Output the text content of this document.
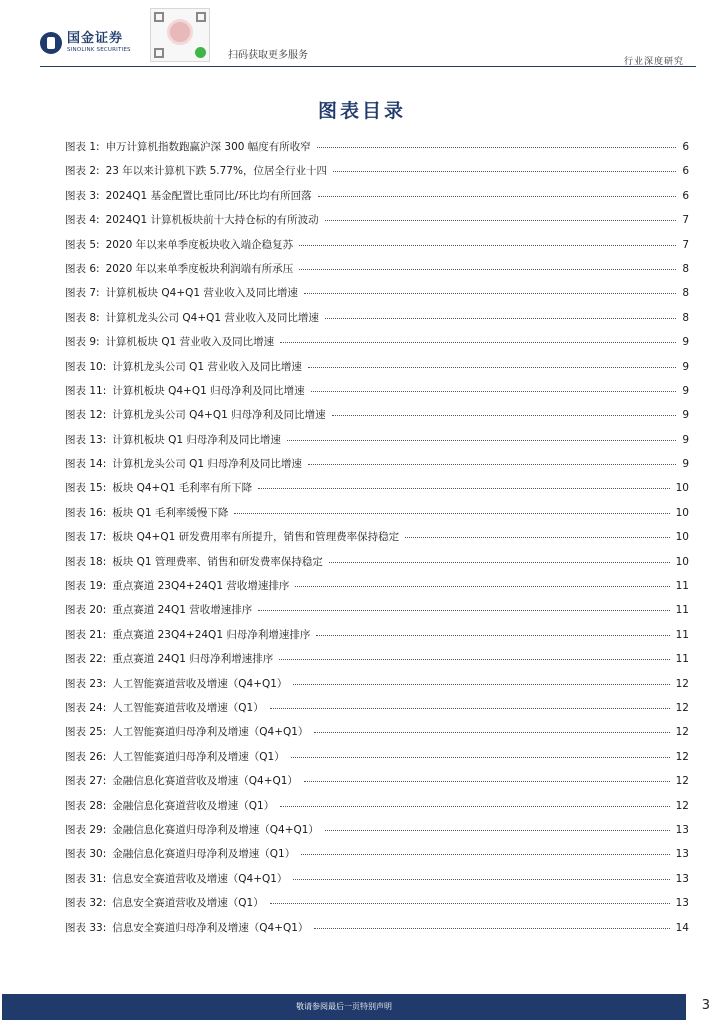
国金证券
SINOLINK SECURITIES	扫码获取更多服务
行业深度研究
图表目录
图表 1: 申万计算机指数跑赢沪深 300 幅度有所收窄	6
图表 2: 23 年以来计算机下跌 5.77%，位居全行业十四	6
图表 3: 2024Q1 基金配置比重同比/环比均有所回落	6
图表 4: 2024Q1 计算机板块前十大持仓标的有所波动	7
图表 5: 2020 年以来单季度板块收入端企稳复苏	7
图表 6: 2020 年以来单季度板块利润端有所承压	8
图表 7: 计算机板块 Q4+Q1 营业收入及同比增速	8
图表 8: 计算机龙头公司 Q4+Q1 营业收入及同比增速	8
图表 9: 计算机板块 Q1 营业收入及同比增速	9
图表 10: 计算机龙头公司 Q1 营业收入及同比增速	9
图表 11: 计算机板块 Q4+Q1 归母净利及同比增速	9
图表 12: 计算机龙头公司 Q4+Q1 归母净利及同比增速	9
图表 13: 计算机板块 Q1 归母净利及同比增速	9
图表 14: 计算机龙头公司 Q1 归母净利及同比增速	9
图表 15: 板块 Q4+Q1 毛利率有所下降	10
图表 16: 板块 Q1 毛利率缓慢下降	10
图表 17: 板块 Q4+Q1 研发费用率有所提升，销售和管理费率保持稳定	10
图表 18: 板块 Q1 管理费率、销售和研发费率保持稳定	10
图表 19: 重点赛道 23Q4+24Q1 营收增速排序	11
图表 20: 重点赛道 24Q1 营收增速排序	11
图表 21: 重点赛道 23Q4+24Q1 归母净利增速排序	11
图表 22: 重点赛道 24Q1 归母净利增速排序	11
图表 23: 人工智能赛道营收及增速（Q4+Q1）	12
图表 24: 人工智能赛道营收及增速（Q1）	12
图表 25: 人工智能赛道归母净利及增速（Q4+Q1）	12
图表 26: 人工智能赛道归母净利及增速（Q1）	12
图表 27: 金融信息化赛道营收及增速（Q4+Q1）	12
图表 28: 金融信息化赛道营收及增速（Q1）	12
图表 29: 金融信息化赛道归母净利及增速（Q4+Q1）	13
图表 30: 金融信息化赛道归母净利及增速（Q1）	13
图表 31: 信息安全赛道营收及增速（Q4+Q1）	13
图表 32: 信息安全赛道营收及增速（Q1）	13
图表 33: 信息安全赛道归母净利及增速（Q4+Q1）	14
敬请参阅最后一页特别声明	3
